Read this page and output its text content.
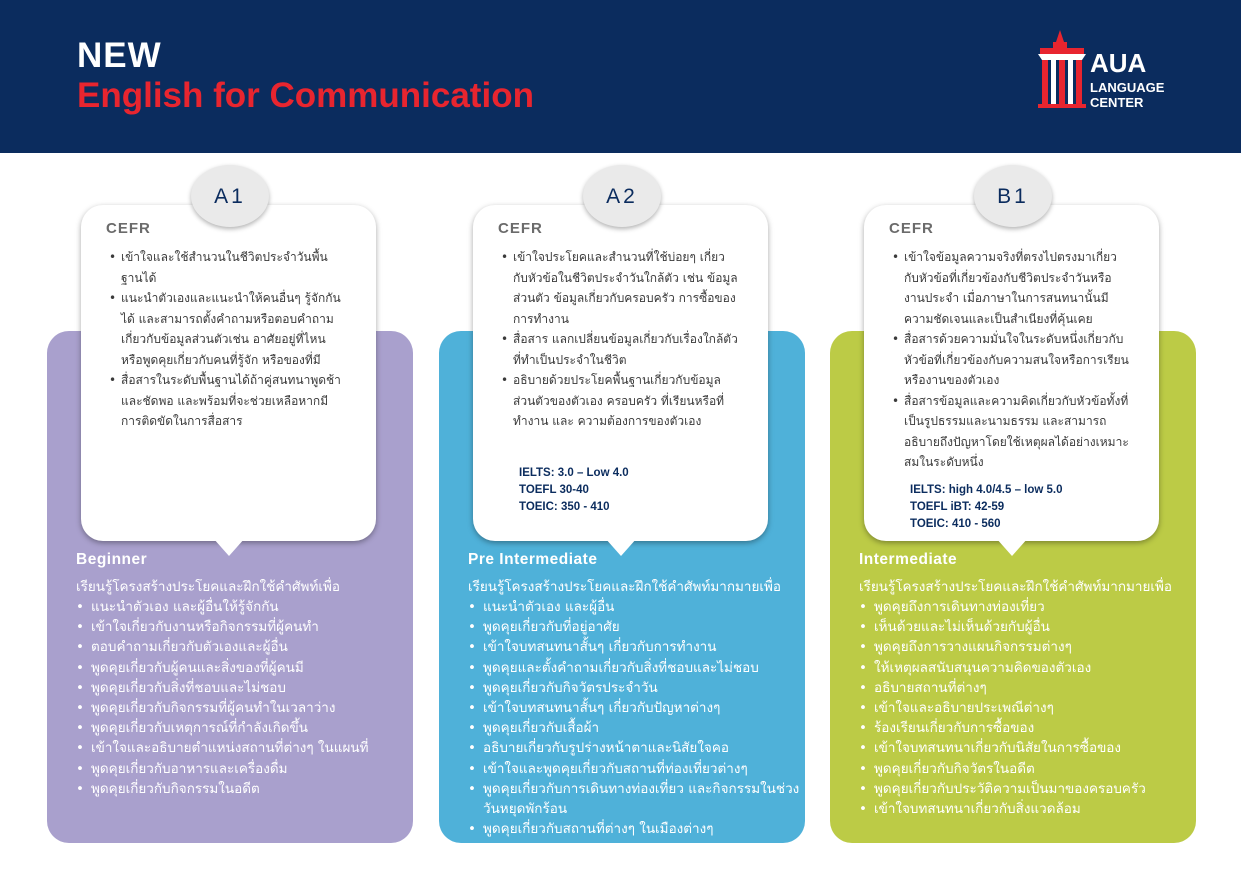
NEW
English for Communication
AUA
LANGUAGE
CENTER
A1
CEFR
• เข้าใจและใช้สำนวนในชีวิตประจำวันพื้นฐานได้
• แนะนำตัวเองและแนะนำให้คนอื่นๆ รู้จักกันได้ และสามารถตั้งคำถามหรือตอบคำถามเกี่ยวกับข้อมูลส่วนตัวเช่น อาศัยอยู่ที่ไหน หรือพูดคุยเกี่ยวกับคนที่รู้จัก หรือของที่มี
• สื่อสารในระดับพื้นฐานได้ถ้าคู่สนทนาพูดช้าและชัดพอ และพร้อมที่จะช่วยเหลือหากมีการติดขัดในการสื่อสาร
Beginner
เรียนรู้โครงสร้างประโยคและฝึกใช้คำศัพท์เพื่อ
• แนะนำตัวเอง และผู้อื่นให้รู้จักกัน
• เข้าใจเกี่ยวกับงานหรือกิจกรรมที่ผู้คนทำ
• ตอบคำถามเกี่ยวกับตัวเองและผู้อื่น
• พูดคุยเกี่ยวกับผู้คนและสิ่งของที่ผู้คนมี
• พูดคุยเกี่ยวกับสิ่งที่ชอบและไม่ชอบ
• พูดคุยเกี่ยวกับกิจกรรมที่ผู้คนทำในเวลาว่าง
• พูดคุยเกี่ยวกับเหตุการณ์ที่กำลังเกิดขึ้น
• เข้าใจและอธิบายตำแหน่งสถานที่ต่างๆ ในแผนที่
• พูดคุยเกี่ยวกับอาหารและเครื่องดื่ม
• พูดคุยเกี่ยวกับกิจกรรมในอดีต
A2
CEFR
• เข้าใจประโยคและสำนวนที่ใช้บ่อยๆ เกี่ยวกับหัวข้อในชีวิตประจำวันใกล้ตัว เช่น ข้อมูลส่วนตัว ข้อมูลเกี่ยวกับครอบครัว การซื้อของ การทำงาน
• สื่อสาร แลกเปลี่ยนข้อมูลเกี่ยวกับเรื่องใกล้ตัวที่ทำเป็นประจำในชีวิต
• อธิบายด้วยประโยคพื้นฐานเกี่ยวกับข้อมูลส่วนตัวของตัวเอง ครอบครัว ที่เรียนหรือที่ทำงาน และ ความต้องการของตัวเอง
IELTS: 3.0 – Low 4.0
TOEFL 30-40
TOEIC: 350 - 410
Pre Intermediate
เรียนรู้โครงสร้างประโยคและฝึกใช้คำศัพท์มากมายเพื่อ
• แนะนำตัวเอง และผู้อื่น
• พูดคุยเกี่ยวกับที่อยู่อาศัย
• เข้าใจบทสนทนาสั้นๆ เกี่ยวกับการทำงาน
• พูดคุยและตั้งคำถามเกี่ยวกับสิ่งที่ชอบและไม่ชอบ
• พูดคุยเกี่ยวกับกิจวัตรประจำวัน
• เข้าใจบทสนทนาสั้นๆ เกี่ยวกับปัญหาต่างๆ
• พูดคุยเกี่ยวกับเสื้อผ้า
• อธิบายเกี่ยวกับรูปร่างหน้าตาและนิสัยใจคอ
• เข้าใจและพูดคุยเกี่ยวกับสถานที่ท่องเที่ยวต่างๆ
• พูดคุยเกี่ยวกับการเดินทางท่องเที่ยว และกิจกรรมในช่วงวันหยุดพักร้อน
• พูดคุยเกี่ยวกับสถานที่ต่างๆ ในเมืองต่างๆ
B1
CEFR
• เข้าใจข้อมูลความจริงที่ตรงไปตรงมาเกี่ยวกับหัวข้อที่เกี่ยวข้องกับชีวิตประจำวันหรืองานประจำ เมื่อภาษาในการสนทนานั้นมีความชัดเจนและเป็นสำเนียงที่คุ้นเคย
• สื่อสารด้วยความมั่นใจในระดับหนึ่งเกี่ยวกับหัวข้อที่เกี่ยวข้องกับความสนใจหรือการเรียนหรืองานของตัวเอง
• สื่อสารข้อมูลและความคิดเกี่ยวกับหัวข้อทั้งที่เป็นรูปธรรมและนามธรรม และสามารถอธิบายถึงปัญหาโดยใช้เหตุผลได้อย่างเหมาะสมในระดับหนึ่ง
IELTS: high 4.0/4.5 – low 5.0
TOEFL iBT: 42-59
TOEIC: 410 - 560
Intermediate
เรียนรู้โครงสร้างประโยคและฝึกใช้คำศัพท์มากมายเพื่อ
• พูดคุยถึงการเดินทางท่องเที่ยว
• เห็นด้วยและไม่เห็นด้วยกับผู้อื่น
• พูดคุยถึงการวางแผนกิจกรรมต่างๆ
• ให้เหตุผลสนับสนุนความคิดของตัวเอง
• อธิบายสถานที่ต่างๆ
• เข้าใจและอธิบายประเพณีต่างๆ
• ร้องเรียนเกี่ยวกับการซื้อของ
• เข้าใจบทสนทนาเกี่ยวกับนิสัยในการซื้อของ
• พูดคุยเกี่ยวกับกิจวัตรในอดีต
• พูดคุยเกี่ยวกับประวัติความเป็นมาของครอบครัว
• เข้าใจบทสนทนาเกี่ยวกับสิ่งแวดล้อม
